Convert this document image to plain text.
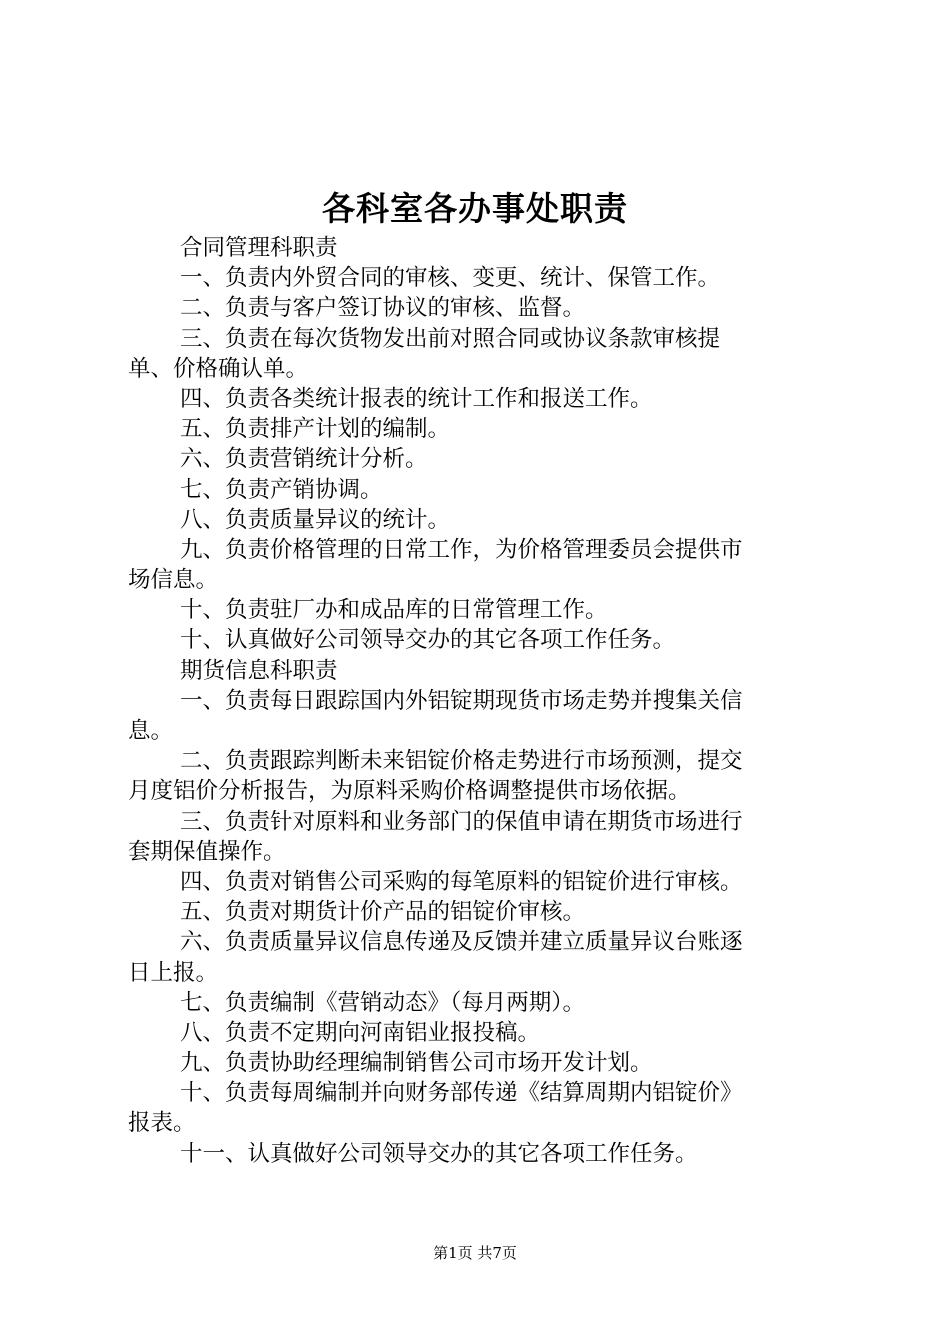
各科室各办事处职责
合同管理科职责
一、负责内外贸合同的审核、变更、统计、保管工作。
二、负责与客户签订协议的审核、监督。
三、负责在每次货物发出前对照合同或协议条款审核提
单、价格确认单。
四、负责各类统计报表的统计工作和报送工作。
五、负责排产计划的编制。
六、负责营销统计分析。
七、负责产销协调。
八、负责质量异议的统计。
九、负责价格管理的日常工作，为价格管理委员会提供市
场信息。
十、负责驻厂办和成品库的日常管理工作。
十、认真做好公司领导交办的其它各项工作任务。
期货信息科职责
一、负责每日跟踪国内外铝锭期现货市场走势并搜集关信
息。
二、负责跟踪判断未来铝锭价格走势进行市场预测，提交
月度铝价分析报告，为原料采购价格调整提供市场依据。
三、负责针对原料和业务部门的保值申请在期货市场进行
套期保值操作。
四、负责对销售公司采购的每笔原料的铝锭价进行审核。
五、负责对期货计价产品的铝锭价审核。
六、负责质量异议信息传递及反馈并建立质量异议台账逐
日上报。
七、负责编制《营销动态》（每月两期）。
八、负责不定期向河南铝业报投稿。
九、负责协助经理编制销售公司市场开发计划。
十、负责每周编制并向财务部传递《结算周期内铝锭价》
报表。
十一、认真做好公司领导交办的其它各项工作任务。
第1页 共7页
